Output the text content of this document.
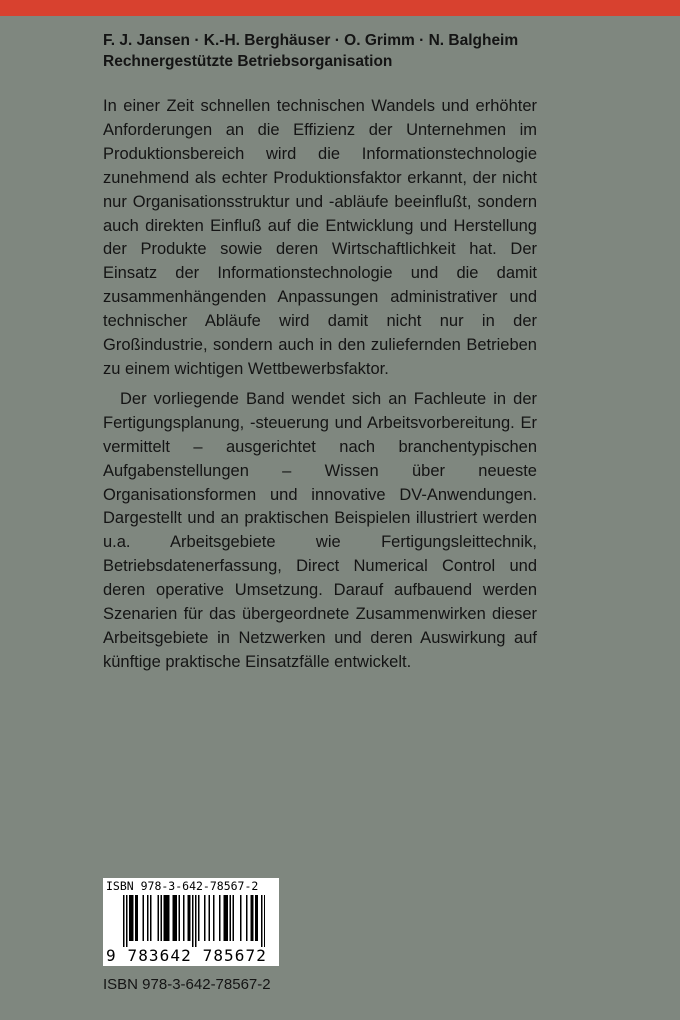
F. J. Jansen · K.-H. Berghäuser · O. Grimm · N. Balgheim
Rechnergestützte Betriebsorganisation

In einer Zeit schnellen technischen Wandels und erhöhter Anforderungen an die Effizienz der Unternehmen im Produktionsbereich wird die Informationstechnologie zunehmend als echter Produktionsfaktor erkannt, der nicht nur Organisationsstruktur und -abläufe beeinflußt, sondern auch direkten Einfluß auf die Entwicklung und Herstellung der Produkte sowie deren Wirtschaftlichkeit hat. Der Einsatz der Informationstechnologie und die damit zusammenhängenden Anpassungen administrativer und technischer Abläufe wird damit nicht nur in der Großindustrie, sondern auch in den zuliefernden Betrieben zu einem wichtigen Wettbewerbsfaktor.

Der vorliegende Band wendet sich an Fachleute in der Fertigungsplanung, -steuerung und Arbeitsvorbereitung. Er vermittelt – ausgerichtet nach branchentypischen Aufgabenstellungen – Wissen über neueste Organisationsformen und innovative DV-Anwendungen. Dargestellt und an praktischen Beispielen illustriert werden u.a. Arbeitsgebiete wie Fertigungsleittechnik, Betriebsdatenerfassung, Direct Numerical Control und deren operative Umsetzung. Darauf aufbauend werden Szenarien für das übergeordnete Zusammenwirken dieser Arbeitsgebiete in Netzwerken und deren Auswirkung auf künftige praktische Einsatzfälle entwickelt.

ISBN 978-3-642-78567-2
9 783642 785672
ISBN 978-3-642-78567-2
